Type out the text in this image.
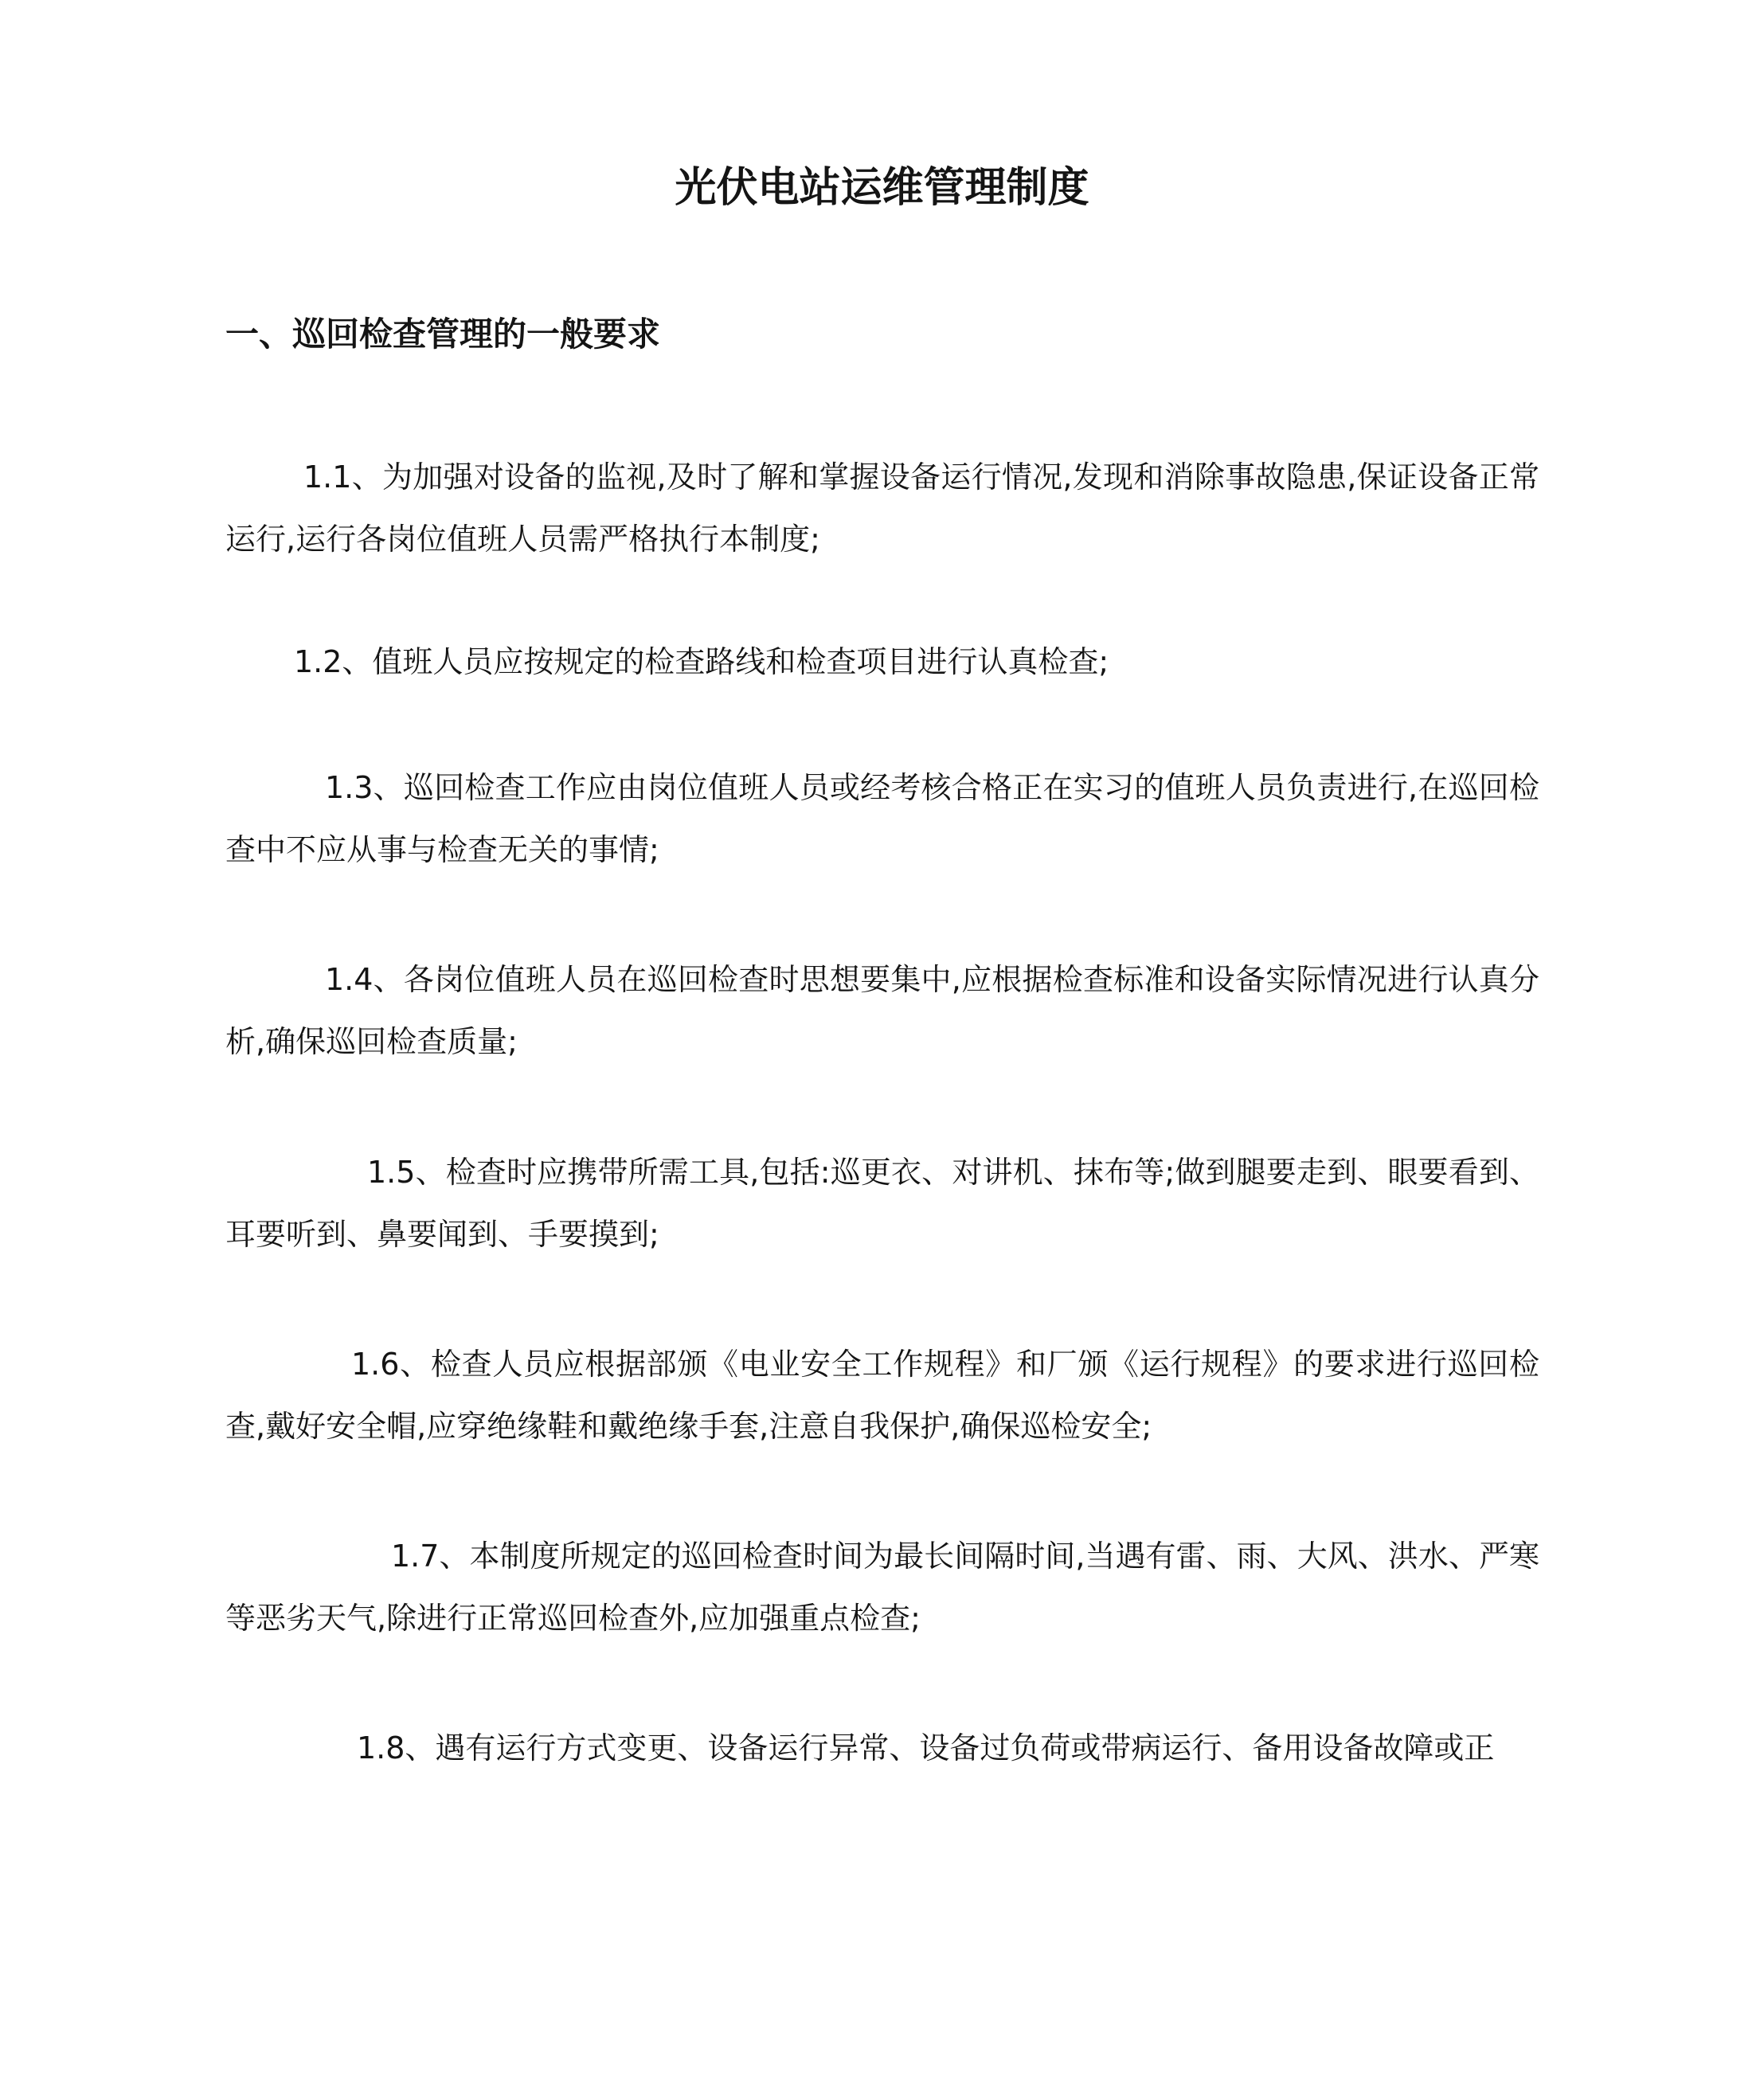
光伏电站运维管理制度
一、巡回检查管理的一般要求

1.1、为加强对设备的监视,及时了解和掌握设备运行情况,发现和消除事故隐患,保证设备正常运行,运行各岗位值班人员需严格执行本制度;

1.2、值班人员应按规定的检查路线和检查项目进行认真检查;

1.3、巡回检查工作应由岗位值班人员或经考核合格正在实习的值班人员负责进行,在巡回检查中不应从事与检查无关的事情;

1.4、各岗位值班人员在巡回检查时思想要集中,应根据检查标准和设备实际情况进行认真分析,确保巡回检查质量;

1.5、检查时应携带所需工具,包括:巡更衣、对讲机、抹布等;做到腿要走到、眼要看到、耳要听到、鼻要闻到、手要摸到;

1.6、检查人员应根据部颁《电业安全工作规程》和厂颁《运行规程》的要求进行巡回检查,戴好安全帽,应穿绝缘鞋和戴绝缘手套,注意自我保护,确保巡检安全;

1.7、本制度所规定的巡回检查时间为最长间隔时间,当遇有雷、雨、大风、洪水、严寒等恶劣天气,除进行正常巡回检查外,应加强重点检查;

1.8、遇有运行方式变更、设备运行异常、设备过负荷或带病运行、备用设备故障或正
